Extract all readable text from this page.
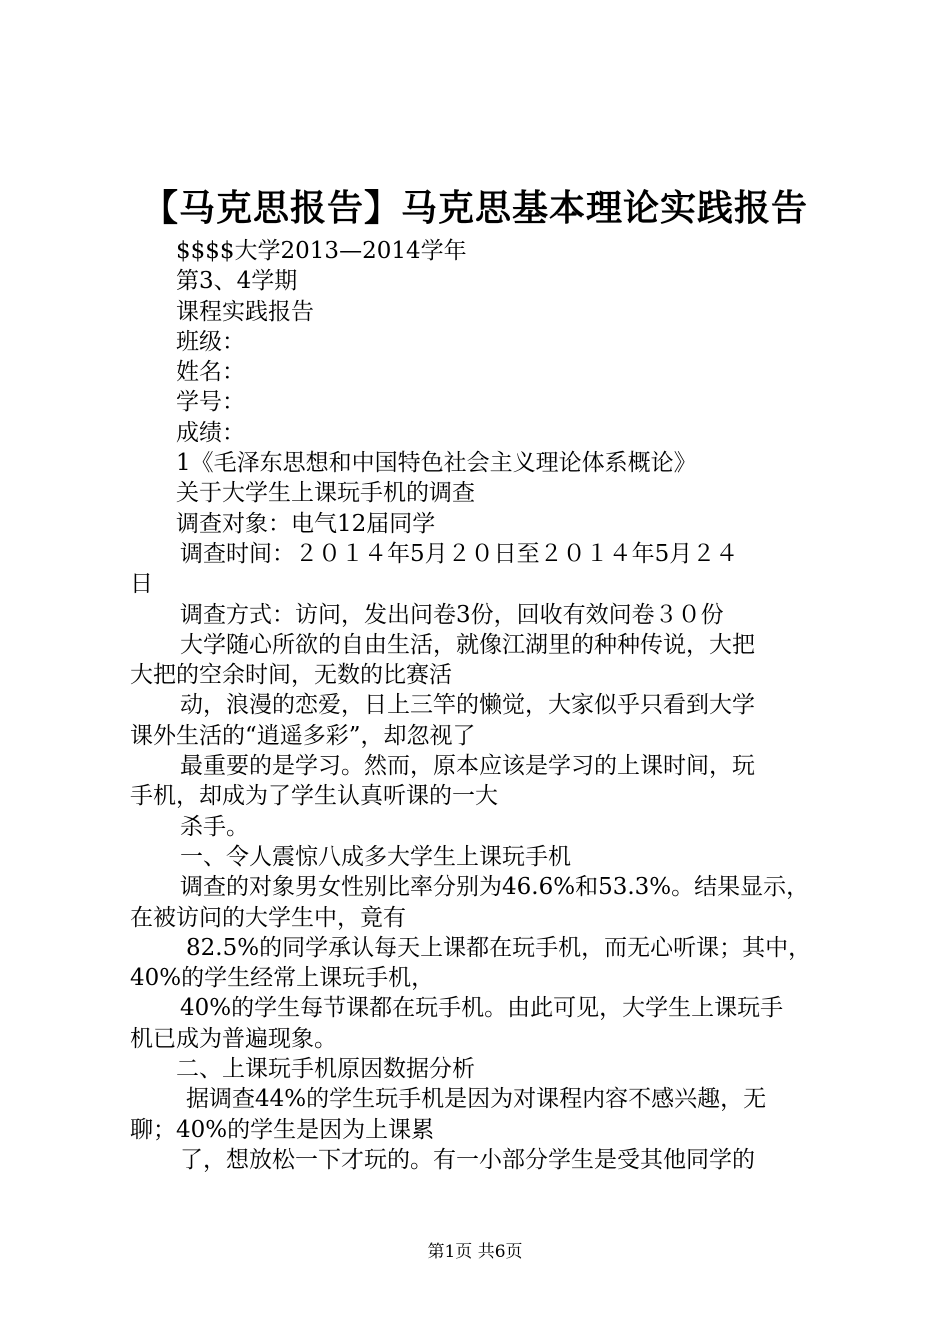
【马克思报告】马克思基本理论实践报告
$$$$大学2013—2014学年
第3、4学期
课程实践报告
班级：
姓名：
学号：
成绩：
1《毛泽东思想和中国特色社会主义理论体系概论》
关于大学生上课玩手机的调查
调查对象：电气12届同学
调查时间：２０１４年5月２０日至２０１４年5月２４
日
调查方式：访问，发出问卷3份，回收有效问卷３０份
大学随心所欲的自由生活，就像江湖里的种种传说，大把
大把的空余时间，无数的比赛活
动，浪漫的恋爱，日上三竿的懒觉，大家似乎只看到大学
课外生活的“逍遥多彩”，却忽视了
最重要的是学习。然而，原本应该是学习的上课时间，玩
手机，却成为了学生认真听课的一大
杀手。
一、令人震惊八成多大学生上课玩手机
调查的对象男女性别比率分别为46.6%和53.3%。结果显示，
在被访问的大学生中，竟有
82.5%的同学承认每天上课都在玩手机，而无心听课；其中，
40%的学生经常上课玩手机，
40%的学生每节课都在玩手机。由此可见，大学生上课玩手
机已成为普遍现象。
二、上课玩手机原因数据分析
据调查44%的学生玩手机是因为对课程内容不感兴趣，无
聊；40%的学生是因为上课累
了，想放松一下才玩的。有一小部分学生是受其他同学的
第1页 共6页
